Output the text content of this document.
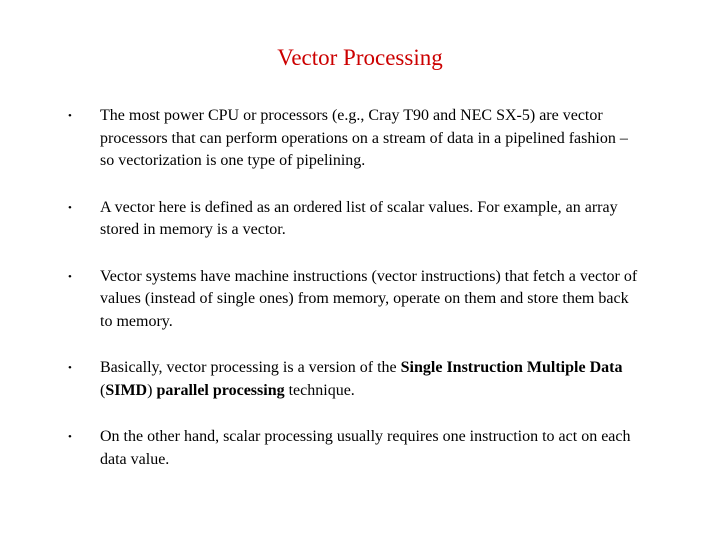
Vector Processing
• The most power CPU or processors (e.g., Cray T90 and NEC SX-5) are vector processors that can perform operations on a stream of data in a pipelined fashion – so vectorization is one type of pipelining.
• A vector here is defined as an ordered list of scalar values. For example, an array stored in memory is a vector.
• Vector systems have machine instructions (vector instructions) that fetch a vector of values (instead of single ones) from memory, operate on them and store them back to memory.
• Basically, vector processing is a version of the Single Instruction Multiple Data (SIMD) parallel processing technique.
• On the other hand, scalar processing usually requires one instruction to act on each data value.
